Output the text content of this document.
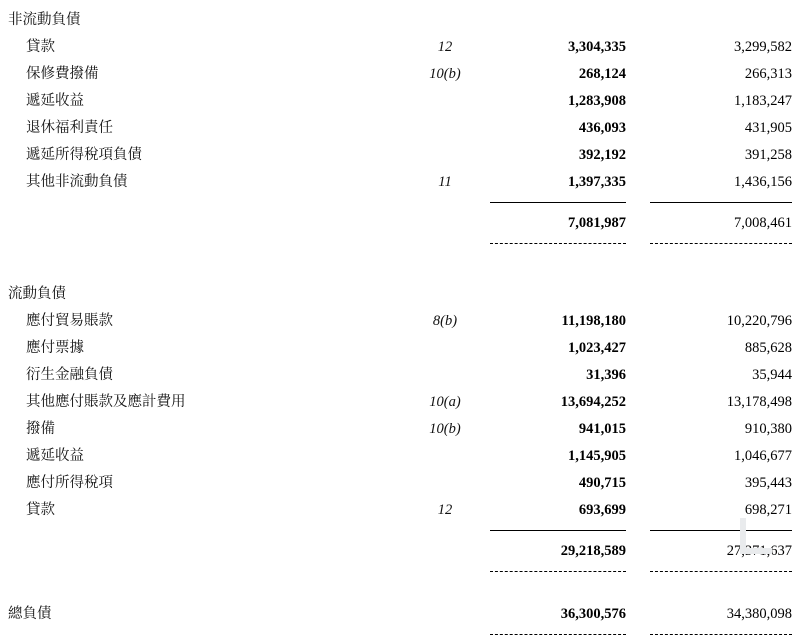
非流動負債			
貸款	12	3,304,335	3,299,582
保修費撥備	10(b)	268,124	266,313
遞延收益		1,283,908	1,183,247
退休福利責任		436,093	431,905
遞延所得稅項負債		392,192	391,258
其他非流動負債	11	1,397,335	1,436,156

		7,081,987	7,008,461

流動負債			
應付貿易賬款	8(b)	11,198,180	10,220,796
應付票據		1,023,427	885,628
衍生金融負債		31,396	35,944
其他應付賬款及應計費用	10(a)	13,694,252	13,178,498
撥備	10(b)	941,015	910,380
遞延收益		1,145,905	1,046,677
應付所得稅項		490,715	395,443
貸款	12	693,699	698,271

		29,218,589	27,371,637

總負債		36,300,576	34,380,098
